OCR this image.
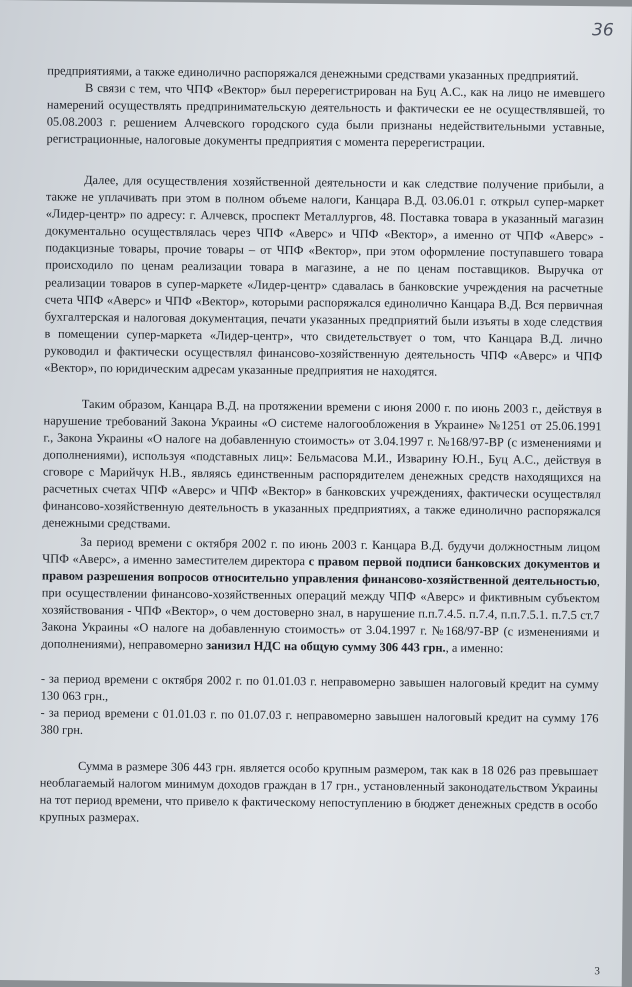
36

предприятиями, а также единолично распоряжался денежными средствами указанных предприятий.

В связи с тем, что ЧПФ «Вектор» был перерегистрирован на Буц А.С., как на лицо не имевшего намерений осуществлять предпринимательскую деятельность и фактически ее не осуществлявшей, то 05.08.2003 г. решением Алчевского городского суда были признаны недействительными уставные, регистрационные, налоговые документы предприятия с момента перерегистрации.

Далее, для осуществления хозяйственной деятельности и как следствие получение прибыли, а также не уплачивать при этом в полном объеме налоги, Канцара В.Д. 03.06.01 г. открыл супер-маркет «Лидер-центр» по адресу: г. Алчевск, проспект Металлургов, 48. Поставка товара в указанный магазин документально осуществлялась через ЧПФ «Аверс» и ЧПФ «Вектор», а именно от ЧПФ «Аверс» - подакцизные товары, прочие товары – от ЧПФ «Вектор», при этом оформление поступавшего товара происходило по ценам реализации товара в магазине, а не по ценам поставщиков. Выручка от реализации товаров в супер-маркете «Лидер-центр» сдавалась в банковские учреждения на расчетные счета ЧПФ «Аверс» и ЧПФ «Вектор», которыми распоряжался единолично Канцара В.Д. Вся первичная бухгалтерская и налоговая документация, печати указанных предприятий были изъяты в ходе следствия в помещении супер-маркета «Лидер-центр», что свидетельствует о том, что Канцара В.Д. лично руководил и фактически осуществлял финансово-хозяйственную деятельность ЧПФ «Аверс» и ЧПФ «Вектор», по юридическим адресам указанные предприятия не находятся.

Таким образом, Канцара В.Д. на протяжении времени с июня 2000 г. по июнь 2003 г., действуя в нарушение требований Закона Украины «О системе налогообложения в Украине» №1251 от 25.06.1991 г., Закона Украины «О налоге на добавленную стоимость» от 3.04.1997 г. №168/97-ВР (с изменениями и дополнениями), используя «подставных лиц»: Бельмасова М.И., Изварину Ю.Н., Буц А.С., действуя в сговоре с Марийчук Н.В., являясь единственным распорядителем денежных средств находящихся на расчетных счетах ЧПФ «Аверс» и ЧПФ «Вектор» в банковских учреждениях, фактически осуществлял финансово-хозяйственную деятельность в указанных предприятиях, а также единолично распоряжался денежными средствами.

За период времени с октября 2002 г. по июнь 2003 г. Канцара В.Д. будучи должностным лицом ЧПФ «Аверс», а именно заместителем директора с правом первой подписи банковских документов и правом разрешения вопросов относительно управления финансово-хозяйственной деятельностью, при осуществлении финансово-хозяйственных операций между ЧПФ «Аверс» и фиктивным субъектом хозяйствования - ЧПФ «Вектор», о чем достоверно знал, в нарушение п.п.7.4.5. п.7.4, п.п.7.5.1. п.7.5 ст.7 Закона Украины «О налоге на добавленную стоимость» от 3.04.1997 г. №168/97-ВР (с изменениями и дополнениями), неправомерно занизил НДС на общую сумму 306 443 грн., а именно:

- за период времени с октября 2002 г. по 01.01.03 г. неправомерно завышен налоговый кредит на сумму 130 063 грн.,

- за период времени с 01.01.03 г. по 01.07.03 г. неправомерно завышен налоговый кредит на сумму 176 380 грн.

Сумма в размере 306 443 грн. является особо крупным размером, так как в 18 026 раз превышает необлагаемый налогом минимум доходов граждан в 17 грн., установленный законодательством Украины на тот период времени, что привело к фактическому непоступлению в бюджет денежных средств в особо крупных размерах.

3
